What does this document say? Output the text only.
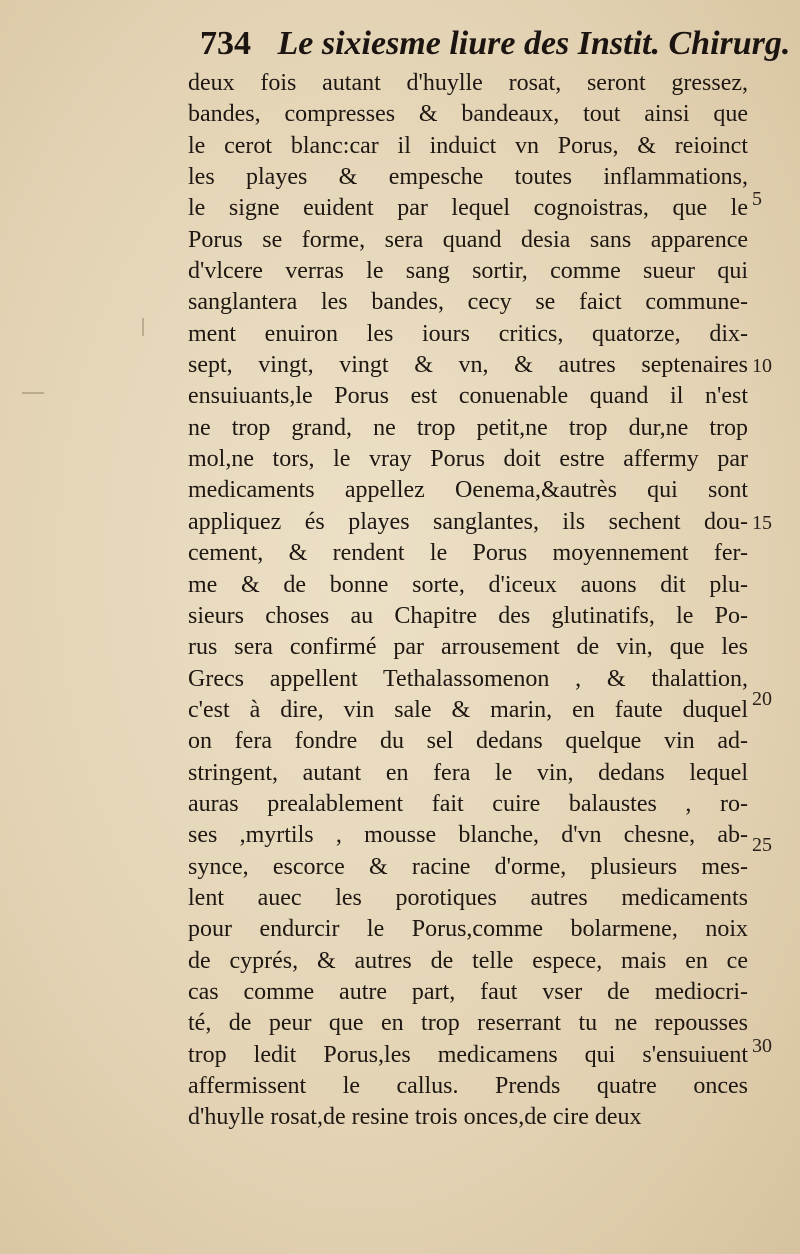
734 Le sixiesme liure des Instit. Chirurg.
deux fois autant d'huylle rosat, seront gressez,
bandes, compresses & bandeaux, tout ainsi que
le cerot blanc:car il induict vn Porus, & reioinct
les playes & empesche toutes inflammations,
le signe euident par lequel cognoistras, que le
Porus se forme, sera quand desia sans apparence
d'vlcere verras le sang sortir, comme sueur qui
sanglantera les bandes, cecy se faict commune-
ment enuiron les iours critics, quatorze, dix-
sept, vingt, vingt & vn, & autres septenaires
ensuiuants,le Porus est conuenable quand il n'est
ne trop grand, ne trop petit,ne trop dur,ne trop
mol,ne tors, le vray Porus doit estre affermy par
medicaments appellez Oenema,&autrès qui sont
appliquez és playes sanglantes, ils sechent dou-
cement, & rendent le Porus moyennement fer-
me & de bonne sorte, d'iceux auons dit plu-
sieurs choses au Chapitre des glutinatifs, le Po-
rus sera confirmé par arrousement de vin, que les
Grecs appellent Tethalassomenon , & thalattion,
c'est à dire, vin sale & marin, en faute duquel
on fera fondre du sel dedans quelque vin ad-
stringent, autant en fera le vin, dedans lequel
auras prealablement fait cuire balaustes , ro-
ses ,myrtils , mousse blanche, d'vn chesne, ab-
synce, escorce & racine d'orme, plusieurs mes-
lent auec les porotiques autres medicaments
pour endurcir le Porus,comme bolarmene, noix
de cyprés, & autres de telle espece, mais en ce
cas comme autre part, faut vser de mediocri-
té, de peur que en trop reserrant tu ne repousses
trop ledit Porus,les medicamens qui s'ensuiuent
affermissent le callus. Prends quatre onces
d'huylle rosat,de resine trois onces,de cire deux
5
10
15
20
25
30
